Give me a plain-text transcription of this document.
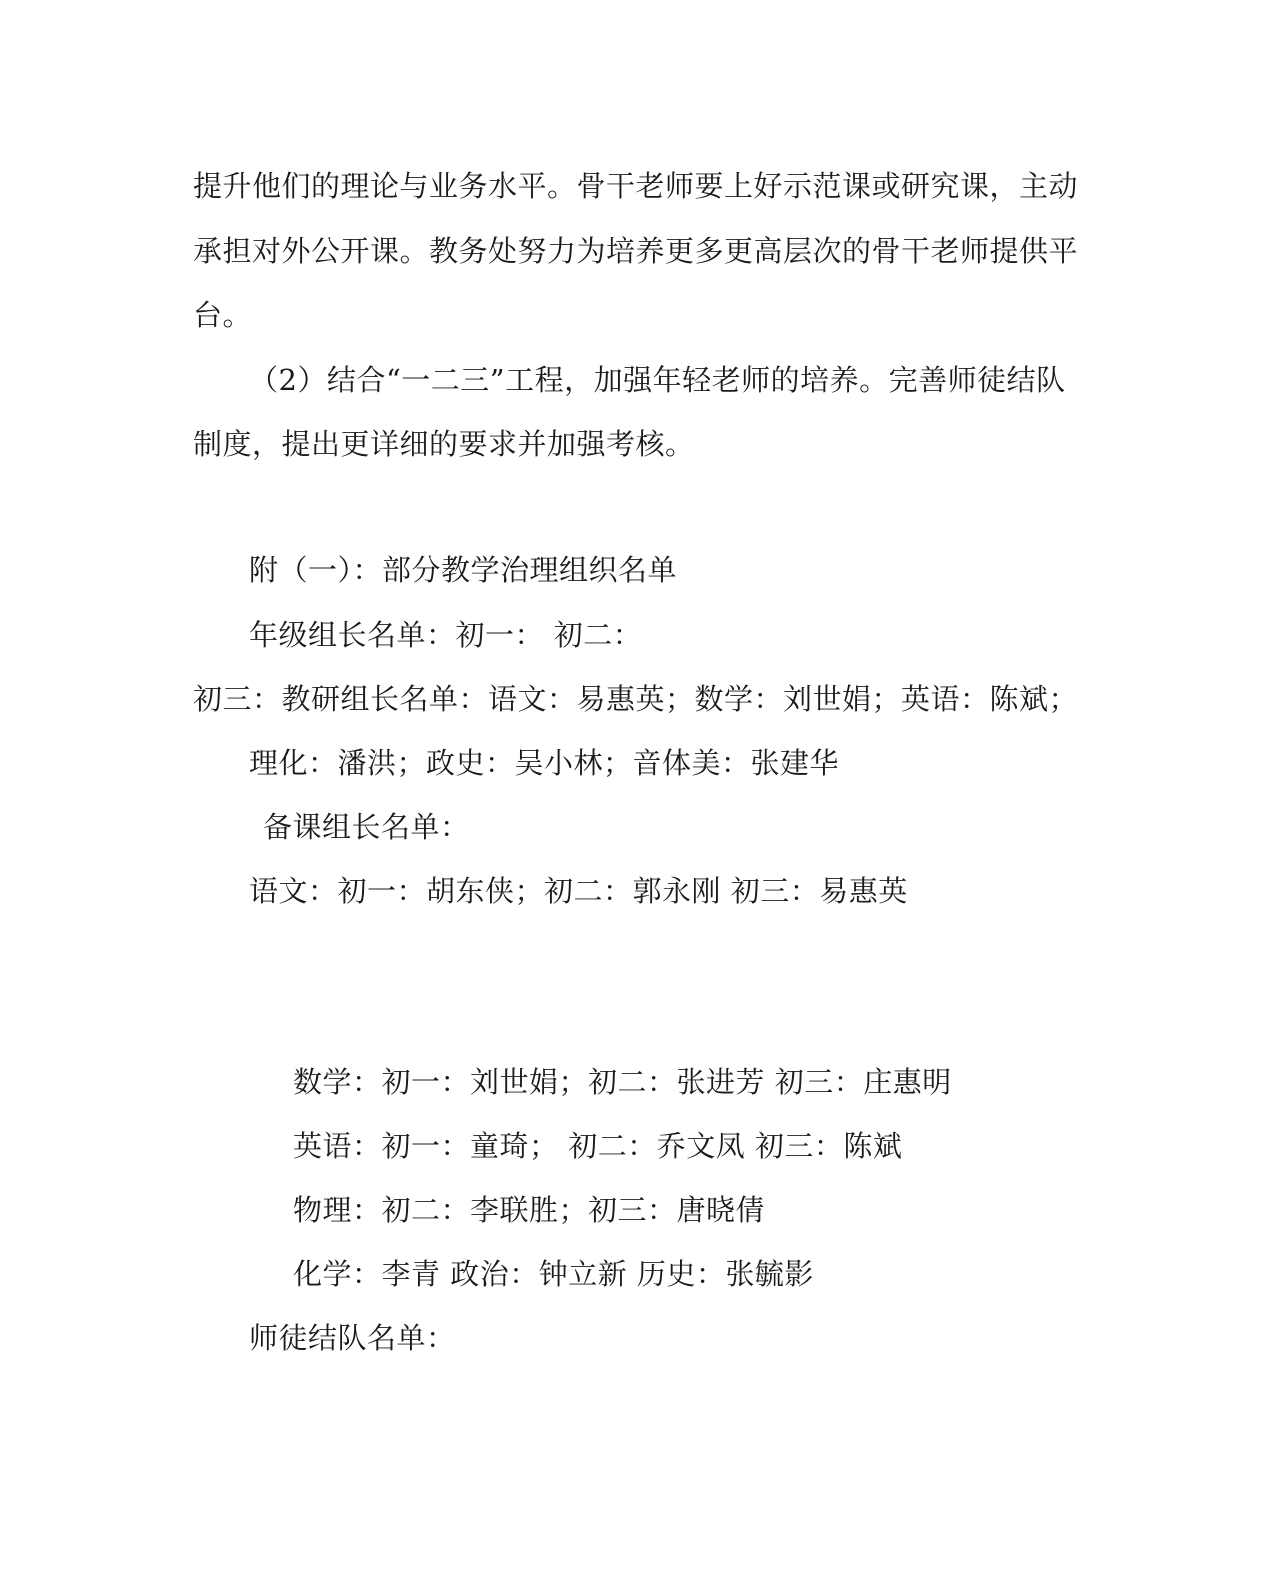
提升他们的理论与业务水平。骨干老师要上好示范课或研究课，主动
承担对外公开课。教务处努力为培养更多更高层次的骨干老师提供平
台。
（2）结合“一二三”工程，加强年轻老师的培养。完善师徒结队
制度，提出更详细的要求并加强考核。
附（一）：部分教学治理组织名单
年级组长名单：初一： 初二：
初三：教研组长名单：语文：易惠英；数学：刘世娟；英语：陈斌；
理化：潘洪；政史：吴小林；音体美：张建华
备课组长名单：
语文：初一：胡东侠；初二：郭永刚 初三：易惠英
数学：初一：刘世娟；初二：张进芳 初三：庄惠明
英语：初一：童琦； 初二：乔文凤 初三：陈斌
物理：初二：李联胜；初三：唐晓倩
化学：李青 政治：钟立新 历史：张毓影
师徒结队名单：
